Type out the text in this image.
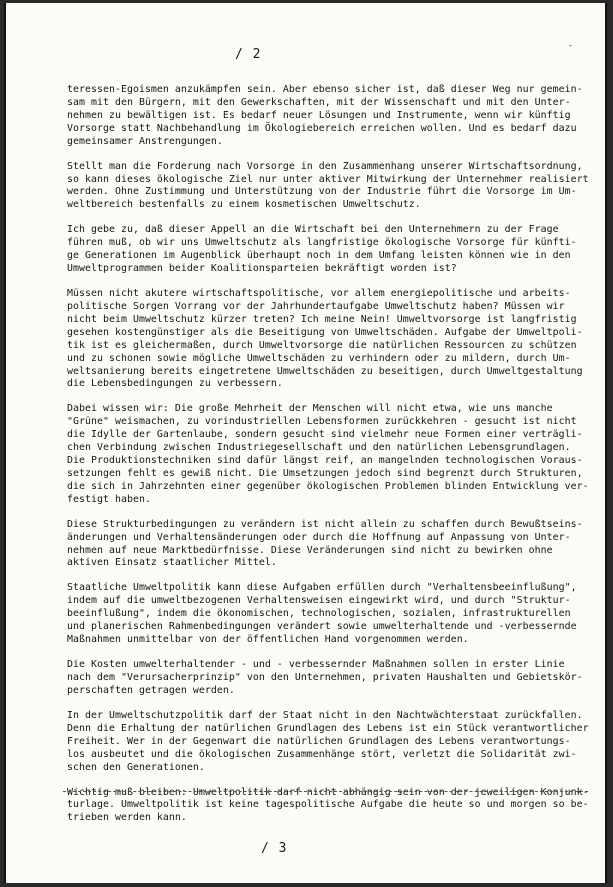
/ 2
-

teressen-Egoismen anzukämpfen sein. Aber ebenso sicher ist, daß dieser Weg nur gemein-
sam mit den Bürgern, mit den Gewerkschaften, mit der Wissenschaft und mit den Unter-
nehmen zu bewältigen ist. Es bedarf neuer Lösungen und Instrumente, wenn wir künftig
Vorsorge statt Nachbehandlung im Ökologiebereich erreichen wollen. Und es bedarf dazu
gemeinsamer Anstrengungen.

Stellt man die Forderung nach Vorsorge in den Zusammenhang unserer Wirtschaftsordnung,
so kann dieses ökologische Ziel nur unter aktiver Mitwirkung der Unternehmer realisiert
werden. Ohne Zustimmung und Unterstützung von der Industrie führt die Vorsorge im Um-
weltbereich bestenfalls zu einem kosmetischen Umweltschutz.

Ich gebe zu, daß dieser Appell an die Wirtschaft bei den Unternehmern zu der Frage
führen muß, ob wir uns Umweltschutz als langfristige ökologische Vorsorge für künfti-
ge Generationen im Augenblick überhaupt noch in dem Umfang leisten können wie in den
Umweltprogrammen beider Koalitionsparteien bekräftigt worden ist?

Müssen nicht akutere wirtschaftspolitische, vor allem energiepolitische und arbeits-
politische Sorgen Vorrang vor der Jahrhundertaufgabe Umweltschutz haben? Müssen wir
nicht beim Umweltschutz kürzer treten? Ich meine Nein! Umweltvorsorge ist langfristig
gesehen kostengünstiger als die Beseitigung von Umweltschäden. Aufgabe der Umweltpoli-
tik ist es gleichermaßen, durch Umweltvorsorge die natürlichen Ressourcen zu schützen
und zu schonen sowie mögliche Umweltschäden zu verhindern oder zu mildern, durch Um-
weltsanierung bereits eingetretene Umweltschäden zu beseitigen, durch Umweltgestaltung
die Lebensbedingungen zu verbessern.

Dabei wissen wir: Die große Mehrheit der Menschen will nicht etwa, wie uns manche
"Grüne" weismachen, zu vorindustriellen Lebensformen zurückkehren - gesucht ist nicht
die Idylle der Gartenlaube, sondern gesucht sind vielmehr neue Formen einer verträgli-
chen Verbindung zwischen Industriegesellschaft und den natürlichen Lebensgrundlagen.
Die Produktionstechniken sind dafür längst reif, an mangelnden technologischen Voraus-
setzungen fehlt es gewiß nicht. Die Umsetzungen jedoch sind begrenzt durch Strukturen,
die sich in Jahrzehnten einer gegenüber ökologischen Problemen blinden Entwicklung ver-
festigt haben.

Diese Strukturbedingungen zu verändern ist nicht allein zu schaffen durch Bewußtseins-
änderungen und Verhaltensänderungen oder durch die Hoffnung auf Anpassung von Unter-
nehmen auf neue Marktbedürfnisse. Diese Veränderungen sind nicht zu bewirken ohne
aktiven Einsatz staatlicher Mittel.

Staatliche Umweltpolitik kann diese Aufgaben erfüllen durch "Verhaltensbeeinflußung",
indem auf die umweltbezogenen Verhaltensweisen eingewirkt wird, und durch "Struktur-
beeinflußung", indem die ökonomischen, technologischen, sozialen, infrastrukturellen
und planerischen Rahmenbedingungen verändert sowie umwelterhaltende und -verbessernde
Maßnahmen unmittelbar von der öffentlichen Hand vorgenommen werden.

Die Kosten umwelterhaltender - und - verbessernder Maßnahmen sollen in erster Linie
nach dem "Verursacherprinzip" von den Unternehmen, privaten Haushalten und Gebietskör-
perschaften getragen werden.

In der Umweltschutzpolitik darf der Staat nicht in den Nachtwächterstaat zurückfallen.
Denn die Erhaltung der natürlichen Grundlagen des Lebens ist ein Stück verantwortlicher
Freiheit. Wer in der Gegenwart die natürlichen Grundlagen des Lebens verantwortungs-
los ausbeutet und die ökologischen Zusammenhänge stört, verletzt die Solidarität zwi-
schen den Generationen.

Wichtig muß bleiben: Umweltpolitik darf nicht abhängig sein von der jeweiligen Konjunk-
turlage. Umweltpolitik ist keine tagespolitische Aufgabe die heute so und morgen so be-
trieben werden kann.

/ 3
